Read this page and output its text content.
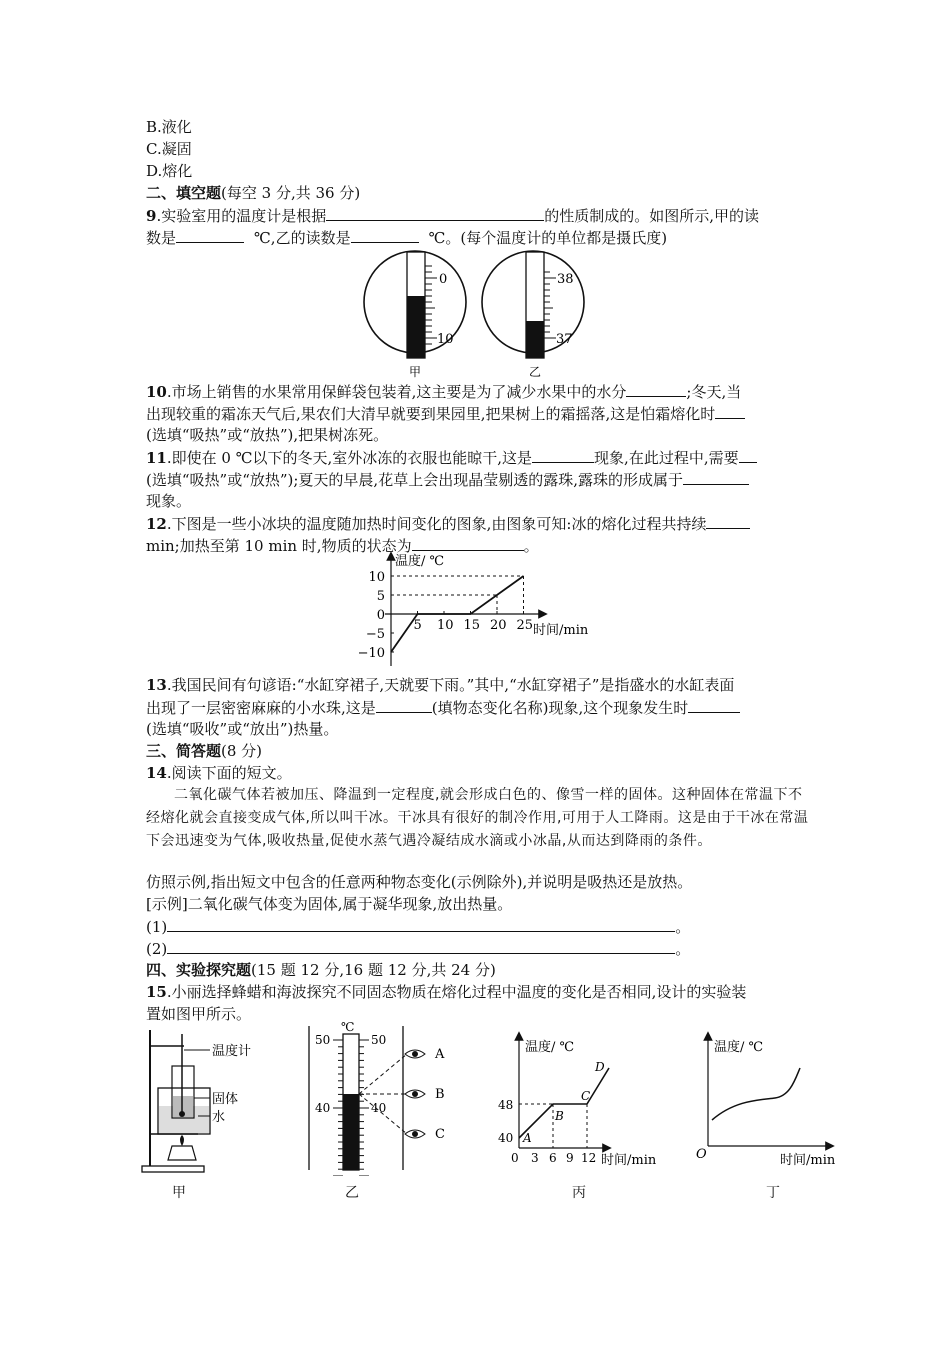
B.液化
C.凝固
D.熔化
二、填空题(每空 3 分,共 36 分)
9.实验室用的温度计是根据	的性质制成的。如图所示,甲的读
数是	℃,乙的读数是	℃。(每个温度计的单位都是摄氏度)
0
10
甲
38
37
乙
10.市场上销售的水果常用保鲜袋包装着,这主要是为了减少水果中的水分	;冬天,当
出现较重的霜冻天气后,果农们大清早就要到果园里,把果树上的霜摇落,这是怕霜熔化时
(选填“吸热”或“放热”),把果树冻死。
11.即使在 0 ℃以下的冬天,室外冰冻的衣服也能晾干,这是	现象,在此过程中,需要
(选填“吸热”或“放热”);夏天的早晨,花草上会出现晶莹剔透的露珠,露珠的形成属于
现象。
12.下图是一些小冰块的温度随加热时间变化的图象,由图象可知:冰的熔化过程共持续
min;加热至第 10 min 时,物质的状态为	。
温度/ ℃
时间/min
5 10 15 20 25
10
5
0
−5
−10
13.我国民间有句谚语:“水缸穿裙子,天就要下雨。”其中,“水缸穿裙子”是指盛水的水缸表面
出现了一层密密麻麻的小水珠,这是	(填物态变化名称)现象,这个现象发生时
(选填“吸收”或“放出”)热量。
三、简答题(8 分)
14.阅读下面的短文。
二氧化碳气体若被加压、降温到一定程度,就会形成白色的、像雪一样的固体。这种固体在常温下不经熔化就会直接变成气体,所以叫干冰。干冰具有很好的制冷作用,可用于人工降雨。这是由于干冰在常温下会迅速变为气体,吸收热量,促使水蒸气遇冷凝结成水滴或小冰晶,从而达到降雨的条件。
仿照示例,指出短文中包含的任意两种物态变化(示例除外),并说明是吸热还是放热。
[示例]二氧化碳气体变为固体,属于凝华现象,放出热量。
(1)	。
(2)	。
四、实验探究题(15 题 12 分,16 题 12 分,共 24 分)
15.小丽选择蜂蜡和海波探究不同固态物质在熔化过程中温度的变化是否相同,设计的实验装
置如图甲所示。
温度计
固体
水
甲
℃
50	50
40	40
A
B
C
乙
温度/ ℃
时间/min
48
40
0 3 6 9 12
A
B
C
D
丙
温度/ ℃
时间/min
O
丁
